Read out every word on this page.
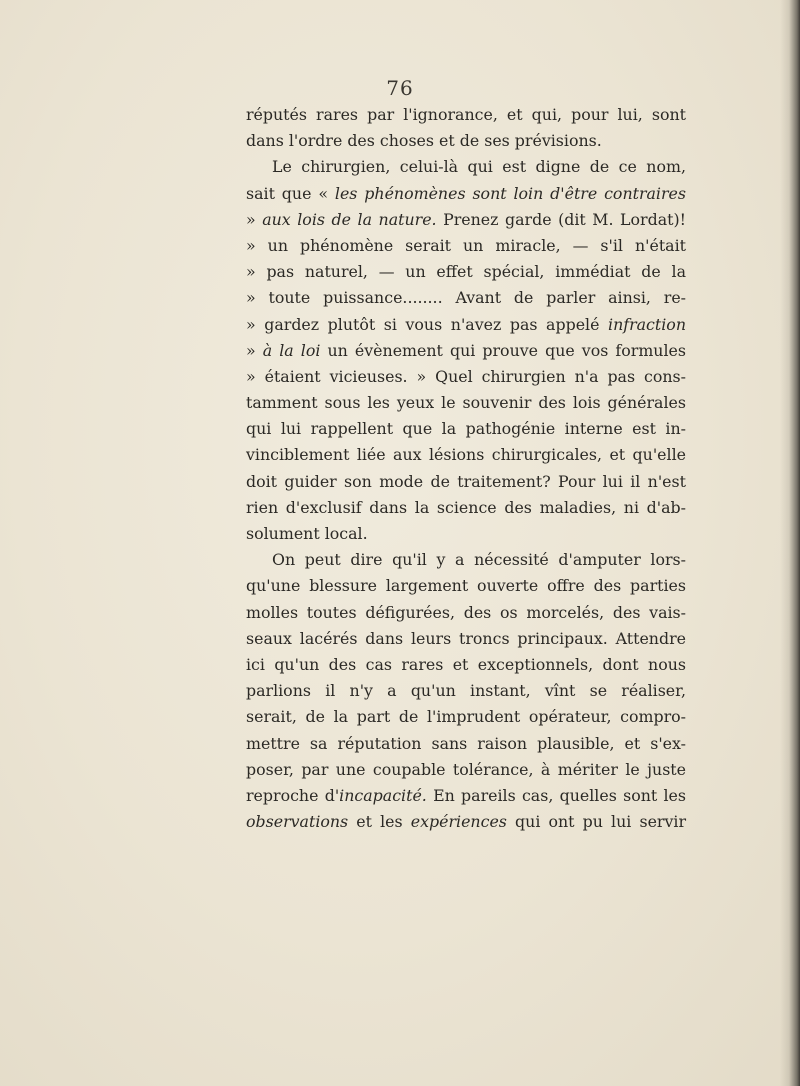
76
réputés rares par l'ignorance, et qui, pour lui, sont
dans l'ordre des choses et de ses prévisions.
Le chirurgien, celui-là qui est digne de ce nom,
sait que « les phénomènes sont loin d'être contraires
» aux lois de la nature. Prenez garde (dit M. Lordat)!
» un phénomène serait un miracle, — s'il n'était
» pas naturel, — un effet spécial, immédiat de la
» toute puissance........ Avant de parler ainsi, re-
» gardez plutôt si vous n'avez pas appelé infraction
» à la loi un évènement qui prouve que vos formules
» étaient vicieuses. » Quel chirurgien n'a pas cons-
tamment sous les yeux le souvenir des lois générales
qui lui rappellent que la pathogénie interne est in-
vinciblement liée aux lésions chirurgicales, et qu'elle
doit guider son mode de traitement? Pour lui il n'est
rien d'exclusif dans la science des maladies, ni d'ab-
solument local.
On peut dire qu'il y a nécessité d'amputer lors-
qu'une blessure largement ouverte offre des parties
molles toutes défigurées, des os morcelés, des vais-
seaux lacérés dans leurs troncs principaux. Attendre
ici qu'un des cas rares et exceptionnels, dont nous
parlions il n'y a qu'un instant, vînt se réaliser,
serait, de la part de l'imprudent opérateur, compro-
mettre sa réputation sans raison plausible, et s'ex-
poser, par une coupable tolérance, à mériter le juste
reproche d'incapacité. En pareils cas, quelles sont les
observations et les expériences qui ont pu lui servir
